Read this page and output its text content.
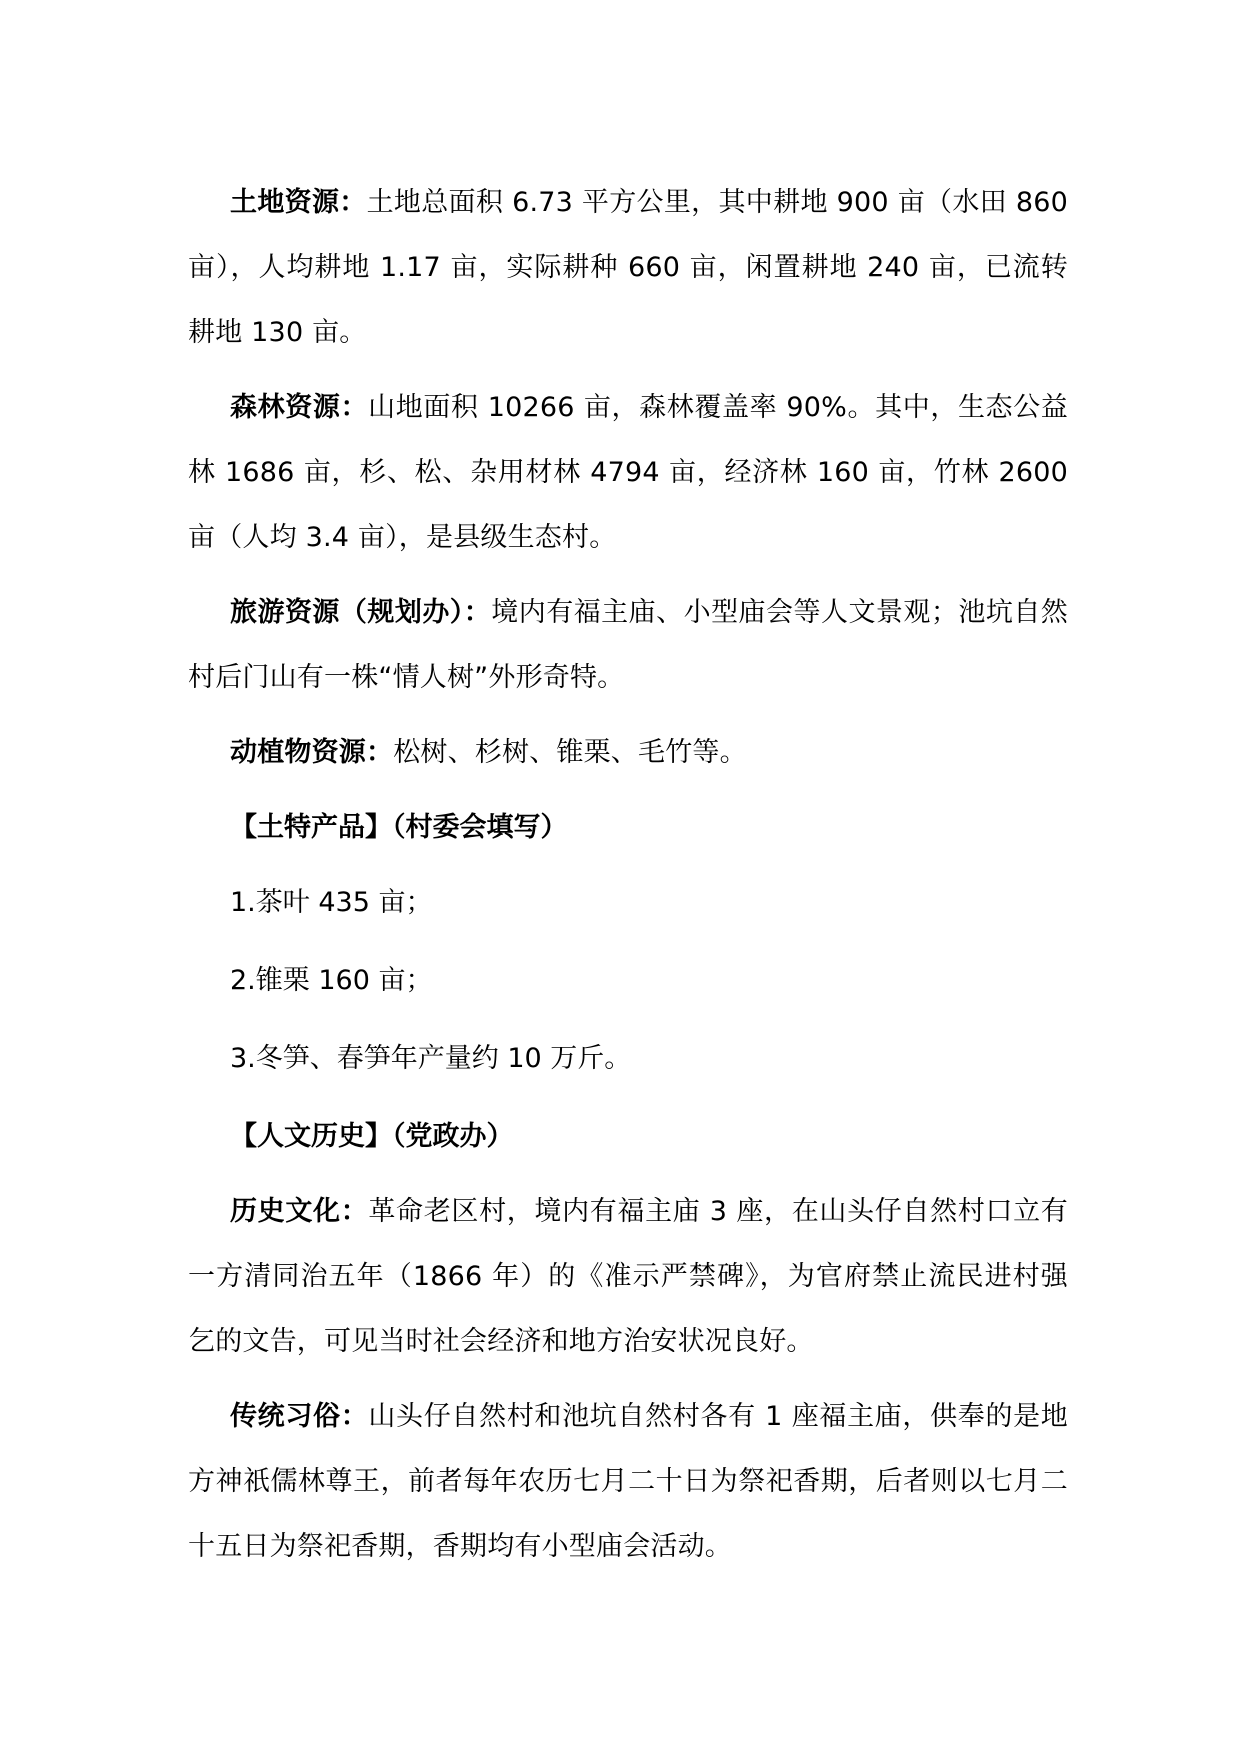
土地资源：土地总面积 6.73 平方公里，其中耕地 900 亩（水田 860 亩），人均耕地 1.17 亩，实际耕种 660 亩，闲置耕地 240 亩，已流转耕地 130 亩。

森林资源：山地面积 10266 亩，森林覆盖率 90%。其中，生态公益林 1686 亩，杉、松、杂用材林 4794 亩，经济林 160 亩，竹林 2600 亩（人均 3.4 亩），是县级生态村。

旅游资源（规划办）：境内有福主庙、小型庙会等人文景观；池坑自然村后门山有一株“情人树”外形奇特。

动植物资源：松树、杉树、锥栗、毛竹等。

【土特产品】（村委会填写）
1.茶叶 435 亩；
2.锥栗 160 亩；
3.冬笋、春笋年产量约 10 万斤。
【人文历史】（党政办）

历史文化：革命老区村，境内有福主庙 3 座，在山头仔自然村口立有一方清同治五年（1866 年）的《准示严禁碑》，为官府禁止流民进村强乞的文告，可见当时社会经济和地方治安状况良好。

传统习俗：山头仔自然村和池坑自然村各有 1 座福主庙，供奉的是地方神祇儒林尊王，前者每年农历七月二十日为祭祀香期，后者则以七月二十五日为祭祀香期，香期均有小型庙会活动。
